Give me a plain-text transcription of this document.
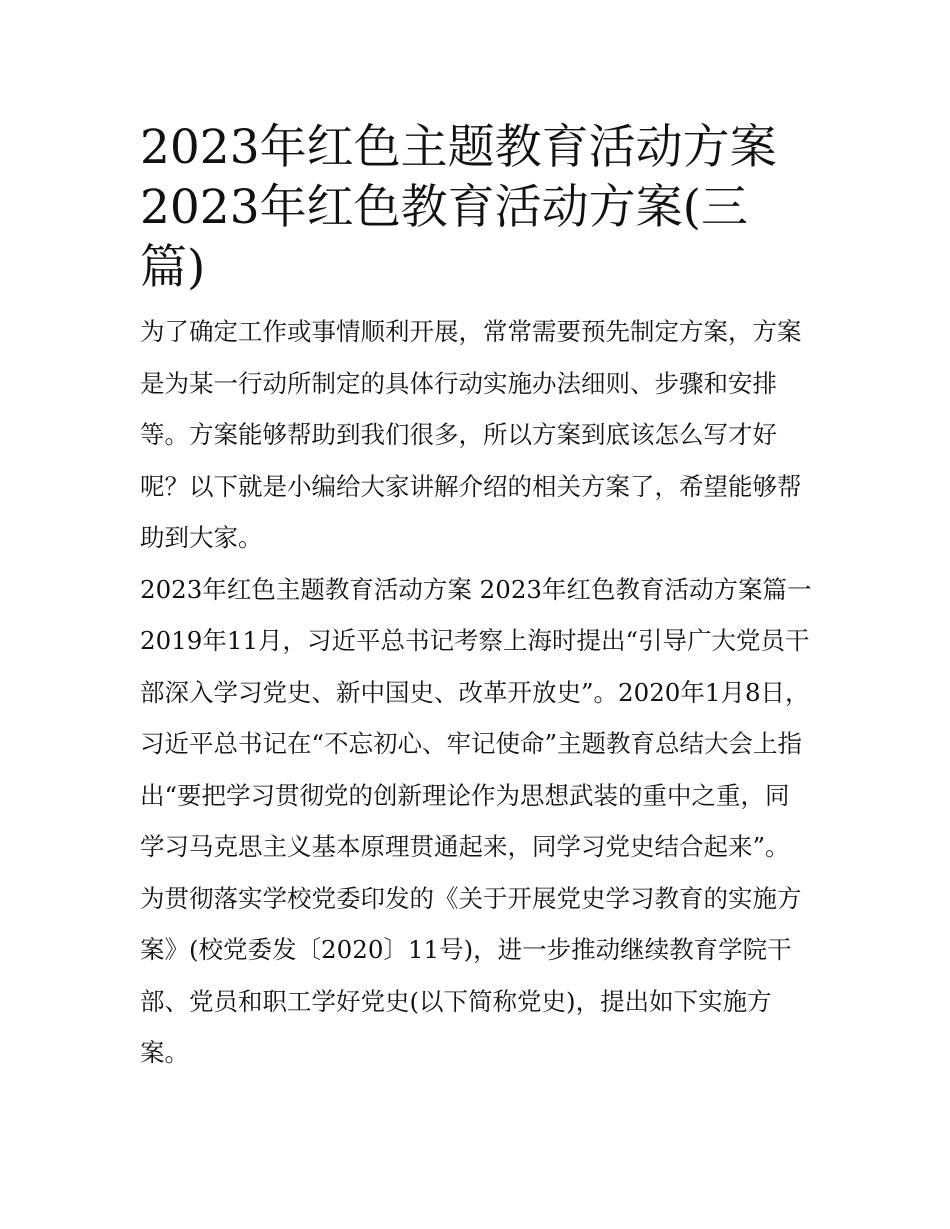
2023年红色主题教育活动方案 2023年红色教育活动方案(三篇)

为了确定工作或事情顺利开展，常常需要预先制定方案，方案是为某一行动所制定的具体行动实施办法细则、步骤和安排等。方案能够帮助到我们很多，所以方案到底该怎么写才好呢？以下就是小编给大家讲解介绍的相关方案了，希望能够帮助到大家。

2023年红色主题教育活动方案 2023年红色教育活动方案篇一

2019年11月，习近平总书记考察上海时提出“引导广大党员干部深入学习党史、新中国史、改革开放史”。2020年1月8日，习近平总书记在“不忘初心、牢记使命”主题教育总结大会上指出“要把学习贯彻党的创新理论作为思想武装的重中之重，同学习马克思主义基本原理贯通起来，同学习党史结合起来”。为贯彻落实学校党委印发的《关于开展党史学习教育的实施方案》(校党委发〔2020〕11号)，进一步推动继续教育学院干部、党员和职工学好党史(以下简称党史)，提出如下实施方案。
